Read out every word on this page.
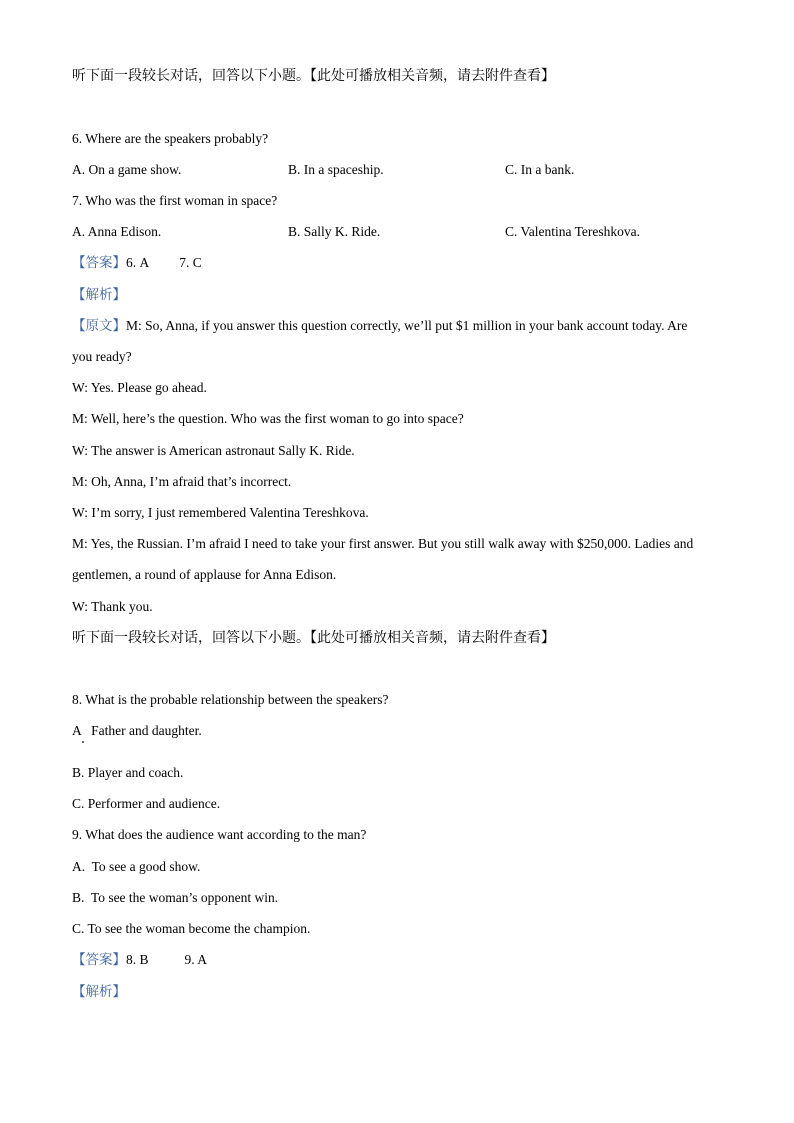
听下面一段较长对话，回答以下小题。【此处可播放相关音频，请去附件查看】
6. Where are the speakers probably?
A. On a game show.	B. In a spaceship.	C. In a bank.
7. Who was the first woman in space?
A. Anna Edison.	B. Sally K. Ride.	C. Valentina Tereshkova.
【答案】6. A 7. C
【解析】
【原文】M: So, Anna, if you answer this question correctly, we’ll put $1 million in your bank account today. Are
you ready?
W: Yes. Please go ahead.
M: Well, here’s the question. Who was the first woman to go into space?
W: The answer is American astronaut Sally K. Ride.
M: Oh, Anna, I’m afraid that’s incorrect.
W: I’m sorry, I just remembered Valentina Tereshkova.
M: Yes, the Russian. I’m afraid I need to take your first answer. But you still walk away with $250,000. Ladies and
gentlemen, a round of applause for Anna Edison.
W: Thank you.
听下面一段较长对话，回答以下小题。【此处可播放相关音频，请去附件查看】
8. What is the probable relationship between the speakers?
A   Father and daughter.
B. Player and coach.
C. Performer and audience.
9. What does the audience want according to the man?
A.  To see a good show.
B.  To see the woman’s opponent win.
C. To see the woman become the champion.
【答案】8. B	9. A
【解析】
